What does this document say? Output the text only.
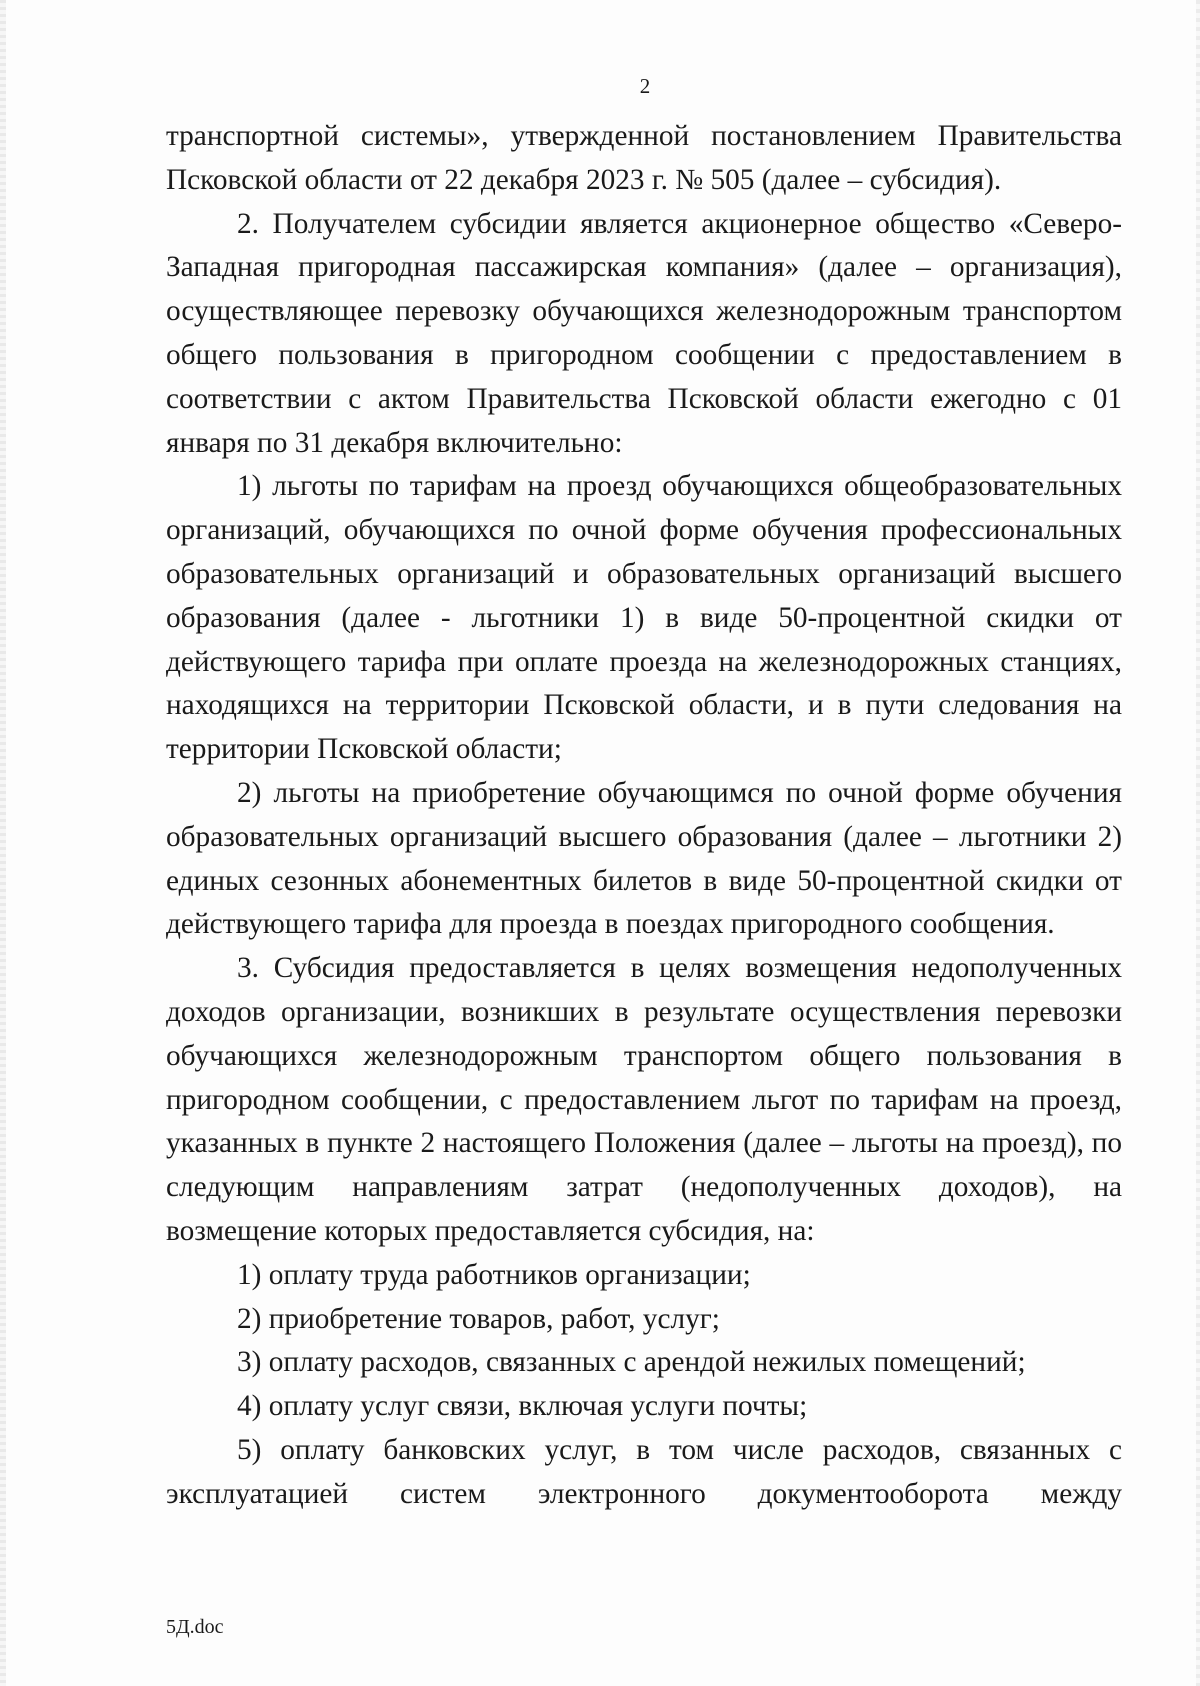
2

транспортной системы», утвержденной постановлением Правительства Псковской области от 22 декабря 2023 г. № 505 (далее – субсидия).

2. Получателем субсидии является акционерное общество «Северо-Западная пригородная пассажирская компания» (далее – организация), осуществляющее перевозку обучающихся железнодорожным транспортом общего пользования в пригородном сообщении с предоставлением в соответствии с актом Правительства Псковской области ежегодно с 01 января по 31 декабря включительно:

1) льготы по тарифам на проезд обучающихся общеобразовательных организаций, обучающихся по очной форме обучения профессиональных образовательных организаций и образовательных организаций высшего образования (далее - льготники 1) в виде 50-процентной скидки от действующего тарифа при оплате проезда на железнодорожных станциях, находящихся на территории Псковской области, и в пути следования на территории Псковской области;

2) льготы на приобретение обучающимся по очной форме обучения образовательных организаций высшего образования (далее – льготники 2) единых сезонных абонементных билетов в виде 50-процентной скидки от действующего тарифа для проезда в поездах пригородного сообщения.

3. Субсидия предоставляется в целях возмещения недополученных доходов организации, возникших в результате осуществления перевозки обучающихся железнодорожным транспортом общего пользования в пригородном сообщении, с предоставлением льгот по тарифам на проезд, указанных в пункте 2 настоящего Положения (далее – льготы на проезд), по следующим направлениям затрат (недополученных доходов), на возмещение которых предоставляется субсидия, на:

1) оплату труда работников организации;

2) приобретение товаров, работ, услуг;

3) оплату расходов, связанных с арендой нежилых помещений;

4) оплату услуг связи, включая услуги почты;

5) оплату банковских услуг, в том числе расходов, связанных с эксплуатацией систем электронного документооборота между

5Д.doc
